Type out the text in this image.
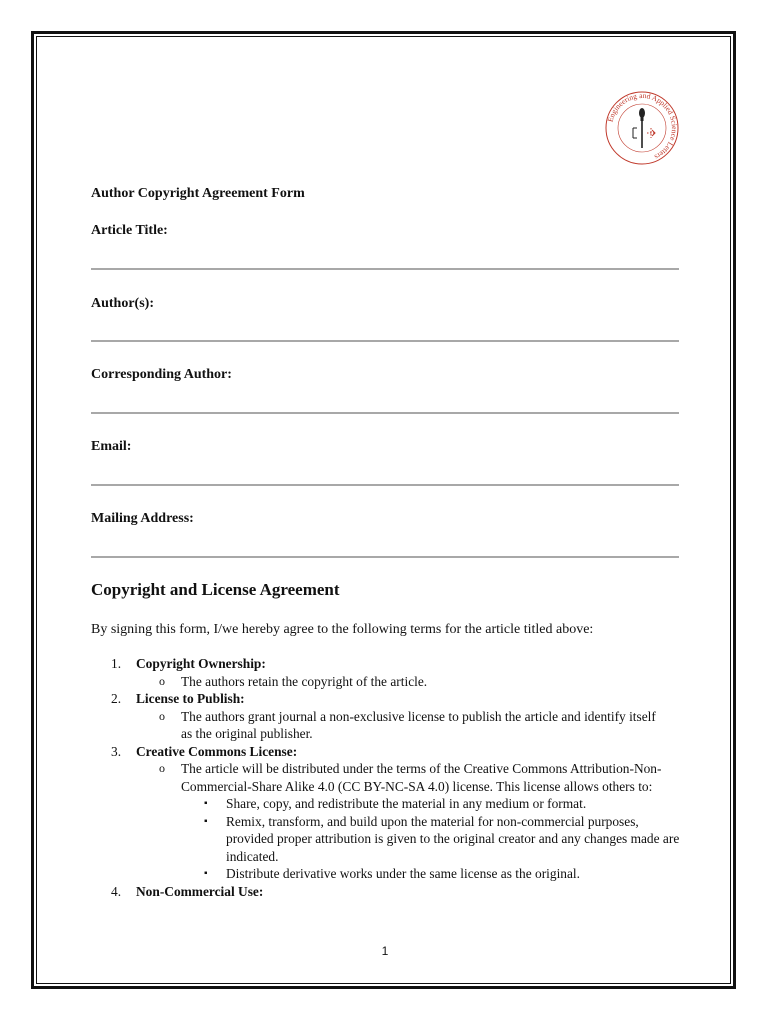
Engineering and Applied Science Letters
Author Copyright Agreement Form
Article Title:
Author(s):
Corresponding Author:
Email:
Mailing Address:
Copyright and License Agreement
By signing this form, I/we hereby agree to the following terms for the article titled above:
1.	Copyright Ownership:
o The authors retain the copyright of the article.
2.	License to Publish:
o The authors grant journal a non-exclusive license to publish the article and identify itself as the original publisher.
3.	Creative Commons License:
o The article will be distributed under the terms of the Creative Commons Attribution-Non-Commercial-Share Alike 4.0 (CC BY-NC-SA 4.0) license. This license allows others to:
▪ Share, copy, and redistribute the material in any medium or format.
▪ Remix, transform, and build upon the material for non-commercial purposes, provided proper attribution is given to the original creator and any changes made are indicated.
▪ Distribute derivative works under the same license as the original.
4.	Non-Commercial Use:
1
